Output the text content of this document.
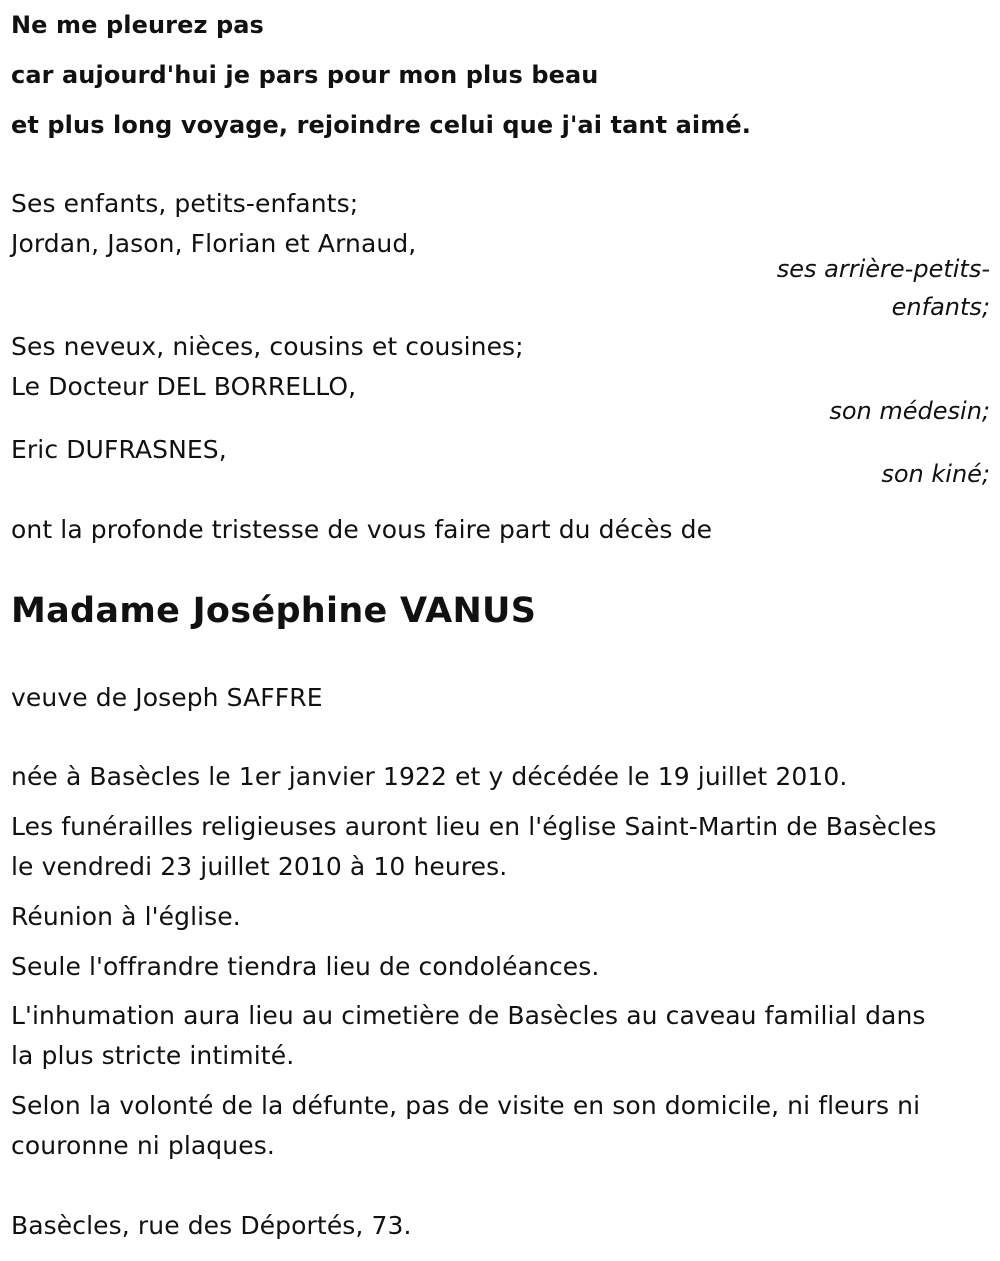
Ne me pleurez pas
car aujourd'hui je pars pour mon plus beau
et plus long voyage, rejoindre celui que j'ai tant aimé.
Ses enfants, petits-enfants;
Jordan, Jason, Florian et Arnaud,
ses arrière-petits-
enfants;
Ses neveux, nièces, cousins et cousines;
Le Docteur DEL BORRELLO,
son médesin;
Eric DUFRASNES,
son kiné;
ont la profonde tristesse de vous faire part du décès de
Madame Joséphine VANUS
veuve de Joseph SAFFRE
née à Basècles le 1er janvier 1922 et y décédée le 19 juillet 2010.
Les funérailles religieuses auront lieu en l'église Saint-Martin de Basècles
le vendredi 23 juillet 2010 à 10 heures.
Réunion à l'église.
Seule l'offrandre tiendra lieu de condoléances.
L'inhumation aura lieu au cimetière de Basècles au caveau familial dans
la plus stricte intimité.
Selon la volonté de la défunte, pas de visite en son domicile, ni fleurs ni
couronne ni plaques.
Basècles, rue des Déportés, 73.
